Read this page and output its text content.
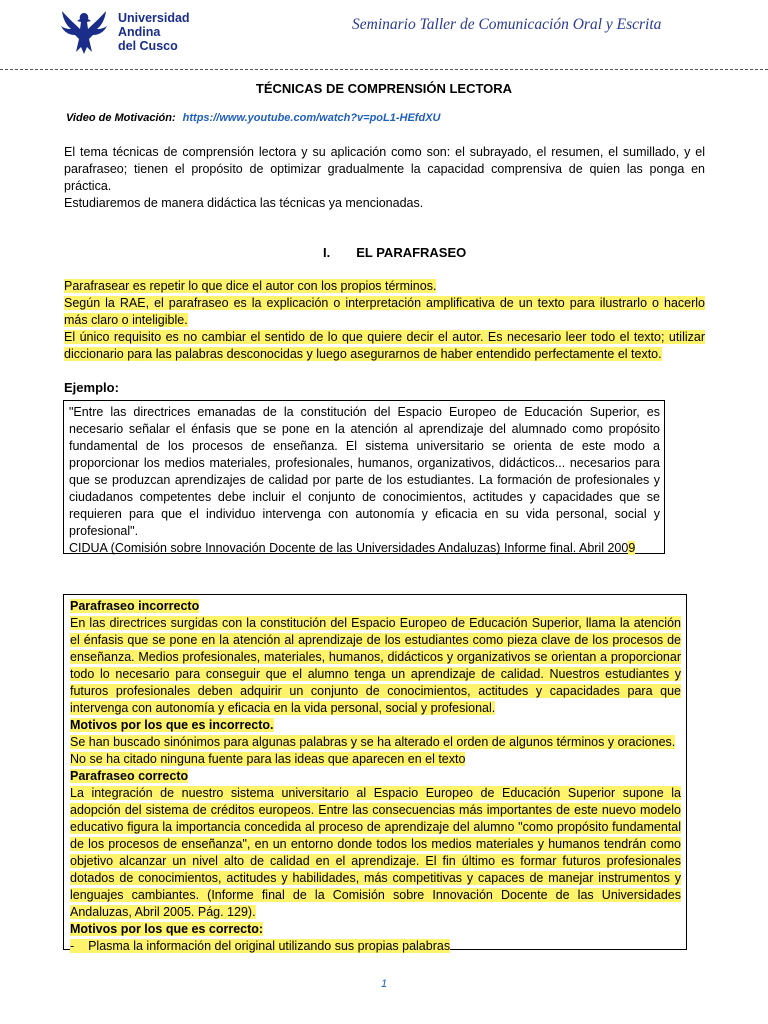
Universidad
Andina
del Cusco
Seminario Taller de Comunicación Oral y Escrita
TÉCNICAS DE COMPRENSIÓN LECTORA
Video de Motivación: https://www.youtube.com/watch?v=poL1-HEfdXU
El tema técnicas de comprensión lectora y su aplicación como son: el subrayado, el resumen, el sumillado, y el parafraseo; tienen el propósito de optimizar gradualmente la capacidad comprensiva de quien las ponga en práctica.
Estudiaremos de manera didáctica las técnicas ya mencionadas.
I. EL PARAFRASEO
Parafrasear es repetir lo que dice el autor con los propios términos.
Según la RAE, el parafraseo es la explicación o interpretación amplificativa de un texto para ilustrarlo o hacerlo más claro o inteligible.
El único requisito es no cambiar el sentido de lo que quiere decir el autor. Es necesario leer todo el texto; utilizar diccionario para las palabras desconocidas y luego asegurarnos de haber entendido perfectamente el texto.
Ejemplo:
"Entre las directrices emanadas de la constitución del Espacio Europeo de Educación Superior, es necesario señalar el énfasis que se pone en la atención al aprendizaje del alumnado como propósito fundamental de los procesos de enseñanza. El sistema universitario se orienta de este modo a proporcionar los medios materiales, profesionales, humanos, organizativos, didácticos... necesarios para que se produzcan aprendizajes de calidad por parte de los estudiantes. La formación de profesionales y ciudadanos competentes debe incluir el conjunto de conocimientos, actitudes y capacidades que se requieren para que el individuo intervenga con autonomía y eficacia en su vida personal, social y profesional".
CIDUA (Comisión sobre Innovación Docente de las Universidades Andaluzas) Informe final. Abril 2009

Parafraseo incorrecto

En las directrices surgidas con la constitución del Espacio Europeo de Educación Superior, llama la atención el énfasis que se pone en la atención al aprendizaje de los estudiantes como pieza clave de los procesos de enseñanza. Medios profesionales, materiales, humanos, didácticos y organizativos se orientan a proporcionar todo lo necesario para conseguir que el alumno tenga un aprendizaje de calidad. Nuestros estudiantes y futuros profesionales deben adquirir un conjunto de conocimientos, actitudes y capacidades para que intervenga con autonomía y eficacia en la vida personal, social y profesional.

Motivos por los que es incorrecto.

Se han buscado sinónimos para algunas palabras y se ha alterado el orden de algunos términos y oraciones.

No se ha citado ninguna fuente para las ideas que aparecen en el texto

Parafraseo correcto

La integración de nuestro sistema universitario al Espacio Europeo de Educación Superior supone la adopción del sistema de créditos europeos. Entre las consecuencias más importantes de este nuevo modelo educativo figura la importancia concedida al proceso de aprendizaje del alumno "como propósito fundamental de los procesos de enseñanza", en un entorno donde todos los medios materiales y humanos tendrán como objetivo alcanzar un nivel alto de calidad en el aprendizaje. El fin último es formar futuros profesionales dotados de conocimientos, actitudes y habilidades, más competitivas y capaces de manejar instrumentos y lenguajes cambiantes. (Informe final de la Comisión sobre Innovación Docente de las Universidades Andaluzas, Abril 2005. Pág. 129).

Motivos por los que es correcto:

- Plasma la información del original utilizando sus propias palabras

1
